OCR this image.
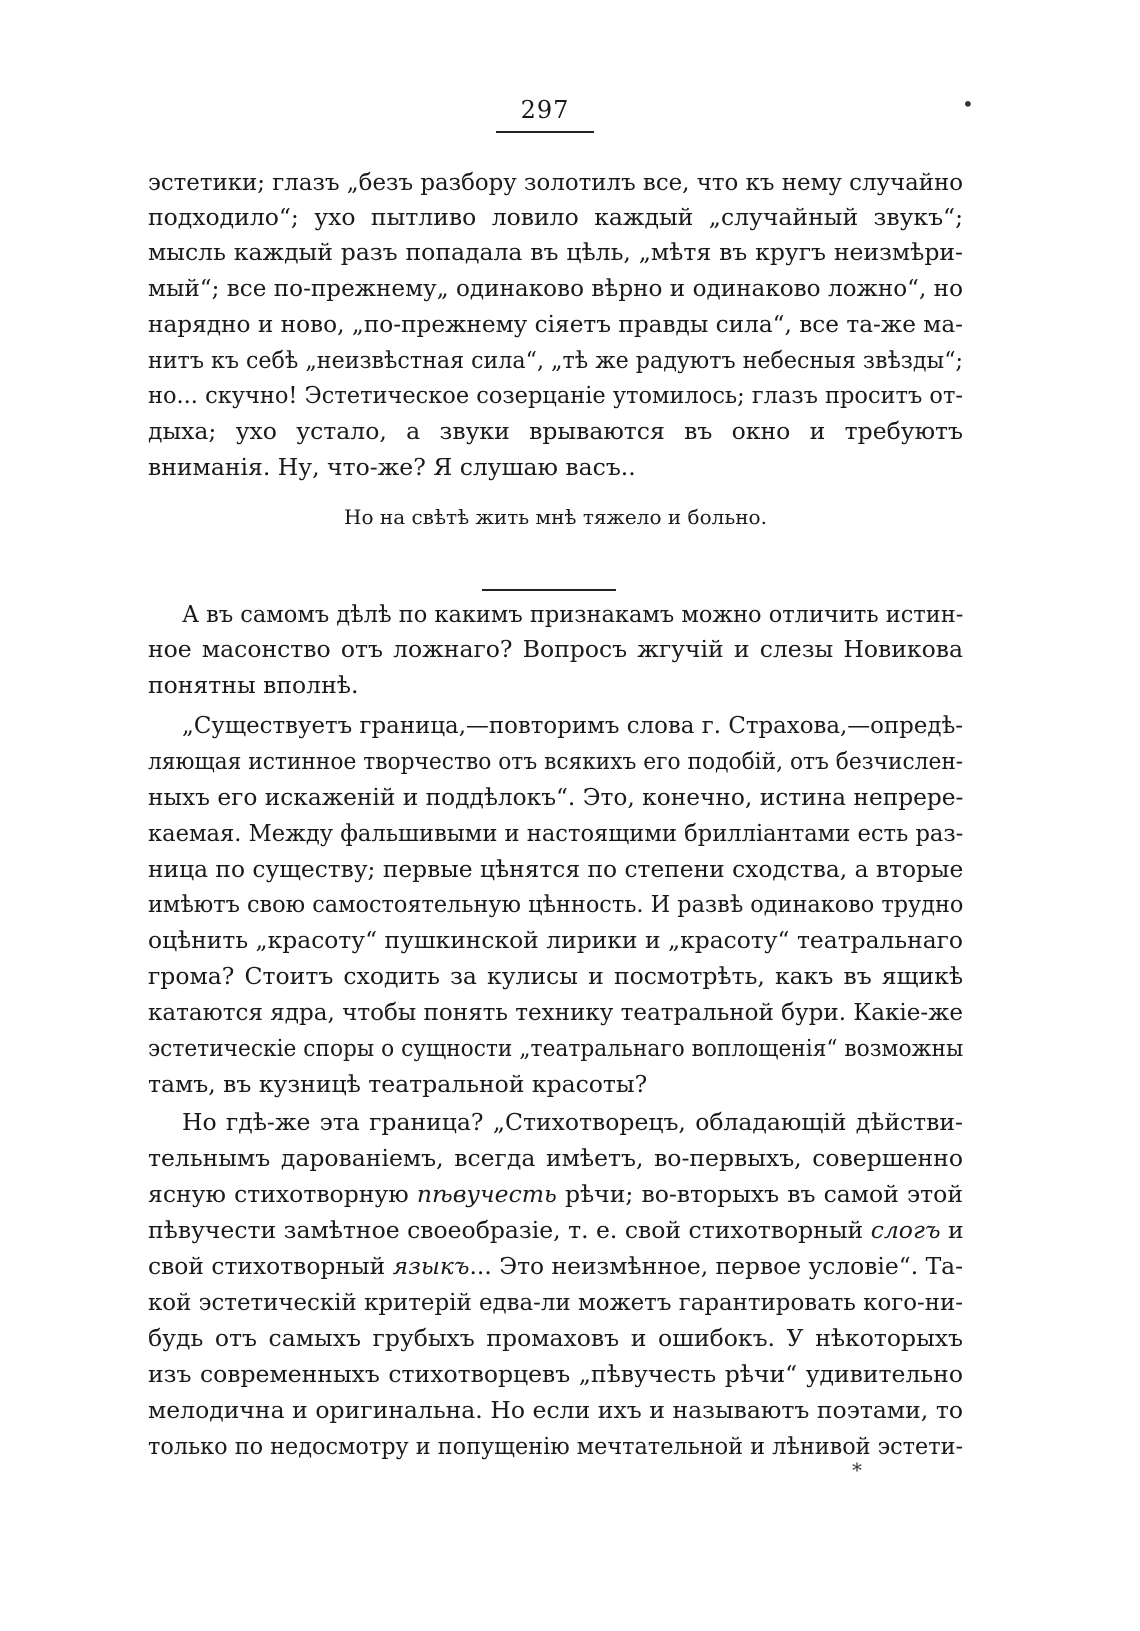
297	•
эстетики; глазъ „безъ разбору золотилъ все, что къ нему случайно
подходило“; ухо пытливо ловило каждый „случайный звукъ“;
мысль каждый разъ попадала въ цѣль, „мѣтя въ кругъ неизмѣри-
мый“; все по-прежнему„ одинаково вѣрно и одинаково ложно“, но
нарядно и ново, „по-прежнему сіяетъ правды сила“, все та-же ма-
нитъ къ себѣ „неизвѣстная сила“, „тѣ же радуютъ небесныя звѣзды“;
но... скучно! Эстетическое созерцаніе утомилось; глазъ проситъ от-
дыха; ухо устало, а звуки врываются въ окно и требуютъ
вниманія. Ну, что-же? Я слушаю васъ..
Но на свѣтѣ жить мнѣ тяжело и больно.
А въ самомъ дѣлѣ по какимъ признакамъ можно отличить истин-
ное масонство отъ ложнаго? Вопросъ жгучій и слезы Новикова
понятны вполнѣ.
„Существуетъ граница,—повторимъ слова г. Страхова,—опредѣ-
ляющая истинное творчество отъ всякихъ его подобій, отъ безчислен-
ныхъ его искаженій и поддѣлокъ“. Это, конечно, истина непрере-
каемая. Между фальшивыми и настоящими бриллiантами есть раз-
ница по существу; первые цѣнятся по степени сходства, а вторые
имѣютъ свою самостоятельную цѣнность. И развѣ одинаково трудно
оцѣнить „красоту“ пушкинской лирики и „красоту“ театральнаго
грома? Стоитъ сходить за кулисы и посмотрѣть, какъ въ ящикѣ
катаются ядра, чтобы понять технику театральной бури. Какіе-же
эстетическіе споры о сущности „театральнаго воплощенія“ возможны
тамъ, въ кузницѣ театральной красоты?
Но гдѣ-же эта граница? „Стихотворецъ, обладающій дѣйстви-
тельнымъ дарованіемъ, всегда имѣетъ, во-первыхъ, совершенно
ясную стихотворную пѣвучесть рѣчи; во-вторыхъ въ самой этой
пѣвучести замѣтное своеобразіе, т. е. свой стихотворный слогъ и
свой стихотворный языкъ... Это неизмѣнное, первое условіе“. Та-
кой эстетическій критерій едва-ли можетъ гарантировать кого-ни-
будь отъ самыхъ грубыхъ промаховъ и ошибокъ. У нѣкоторыхъ
изъ современныхъ стихотворцевъ „пѣвучесть рѣчи“ удивительно
мелодична и оригинальна. Но если ихъ и называютъ поэтами, то
только по недосмотру и попущенію мечтательной и лѣнивой эстети-
*
